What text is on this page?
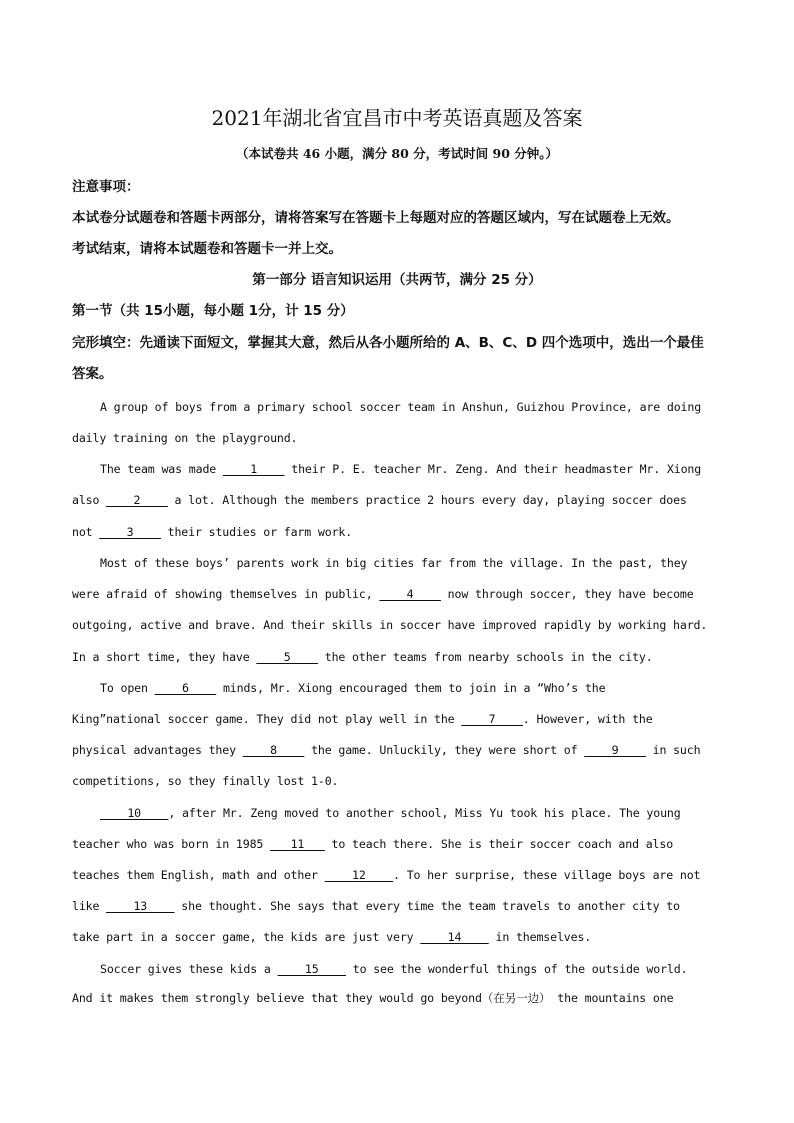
2021年湖北省宜昌市中考英语真题及答案
（本试卷共 46 小题，满分 80 分，考试时间 90 分钟。）
注意事项：
本试卷分试题卷和答题卡两部分，请将答案写在答题卡上每题对应的答题区域内，写在试题卷上无效。
考试结束，请将本试题卷和答题卡一并上交。
第一部分 语言知识运用（共两节，满分 25 分）
第一节（共 15小题，每小题 1分，计 15 分）
完形填空：先通读下面短文，掌握其大意，然后从各小题所给的 A、B、C、D 四个选项中，选出一个最佳
答案。
A group of boys from a primary school soccer team in Anshun, Guizhou Province, are doing
daily training on the playground.
The team was made ____1____ their P. E. teacher Mr. Zeng. And their headmaster Mr. Xiong
also ____2____ a lot. Although the members practice 2 hours every day, playing soccer does
not ____3____ their studies or farm work.
Most of these boys’ parents work in big cities far from the village. In the past, they
were afraid of showing themselves in public, ____4____ now through soccer, they have become
outgoing, active and brave. And their skills in soccer have improved rapidly by working hard.
In a short time, they have ____5____ the other teams from nearby schools in the city.
To open ____6____ minds, Mr. Xiong encouraged them to join in a “Who’s the
King”national soccer game. They did not play well in the ____7____. However, with the
physical advantages they ____8____ the game. Unluckily, they were short of ____9____ in such
competitions, so they finally lost 1-0.
____10____, after Mr. Zeng moved to another school, Miss Yu took his place. The young
teacher who was born in 1985 ___11___ to teach there. She is their soccer coach and also
teaches them English, math and other ____12____. To her surprise, these village boys are not
like ____13____ she thought. She says that every time the team travels to another city to
take part in a soccer game, the kids are just very ____14____ in themselves.
Soccer gives these kids a ____15____ to see the wonderful things of the outside world.
And it makes them strongly believe that they would go beyond（在另一边） the mountains one
